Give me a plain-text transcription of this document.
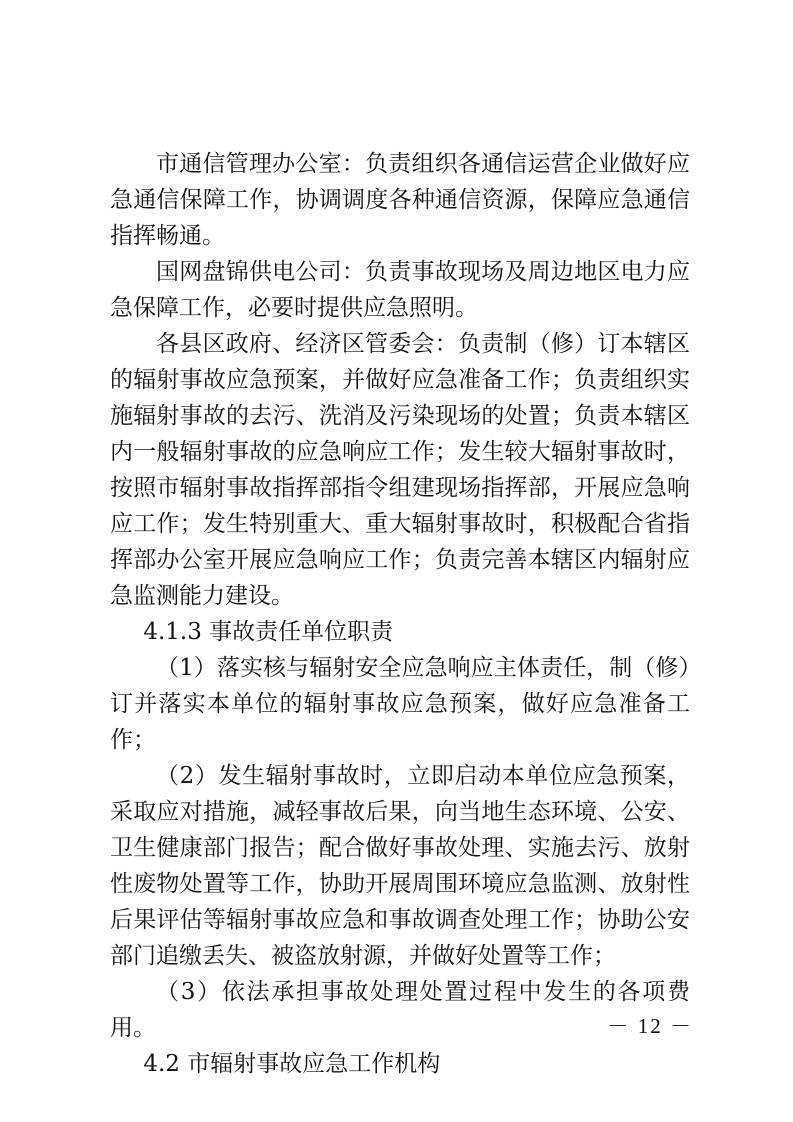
市通信管理办公室：负责组织各通信运营企业做好应急通信保障工作，协调调度各种通信资源，保障应急通信指挥畅通。

国网盘锦供电公司：负责事故现场及周边地区电力应急保障工作，必要时提供应急照明。

各县区政府、经济区管委会：负责制（修）订本辖区的辐射事故应急预案，并做好应急准备工作；负责组织实施辐射事故的去污、洗消及污染现场的处置；负责本辖区内一般辐射事故的应急响应工作；发生较大辐射事故时，按照市辐射事故指挥部指令组建现场指挥部，开展应急响应工作；发生特别重大、重大辐射事故时，积极配合省指挥部办公室开展应急响应工作；负责完善本辖区内辐射应急监测能力建设。

4.1.3 事故责任单位职责

（1）落实核与辐射安全应急响应主体责任，制（修）订并落实本单位的辐射事故应急预案，做好应急准备工作；

（2）发生辐射事故时，立即启动本单位应急预案，采取应对措施，减轻事故后果，向当地生态环境、公安、卫生健康部门报告；配合做好事故处理、实施去污、放射性废物处置等工作，协助开展周围环境应急监测、放射性后果评估等辐射事故应急和事故调查处理工作；协助公安部门追缴丢失、被盗放射源，并做好处置等工作；

（3）依法承担事故处理处置过程中发生的各项费用。

4.2 市辐射事故应急工作机构

－ 12 －
